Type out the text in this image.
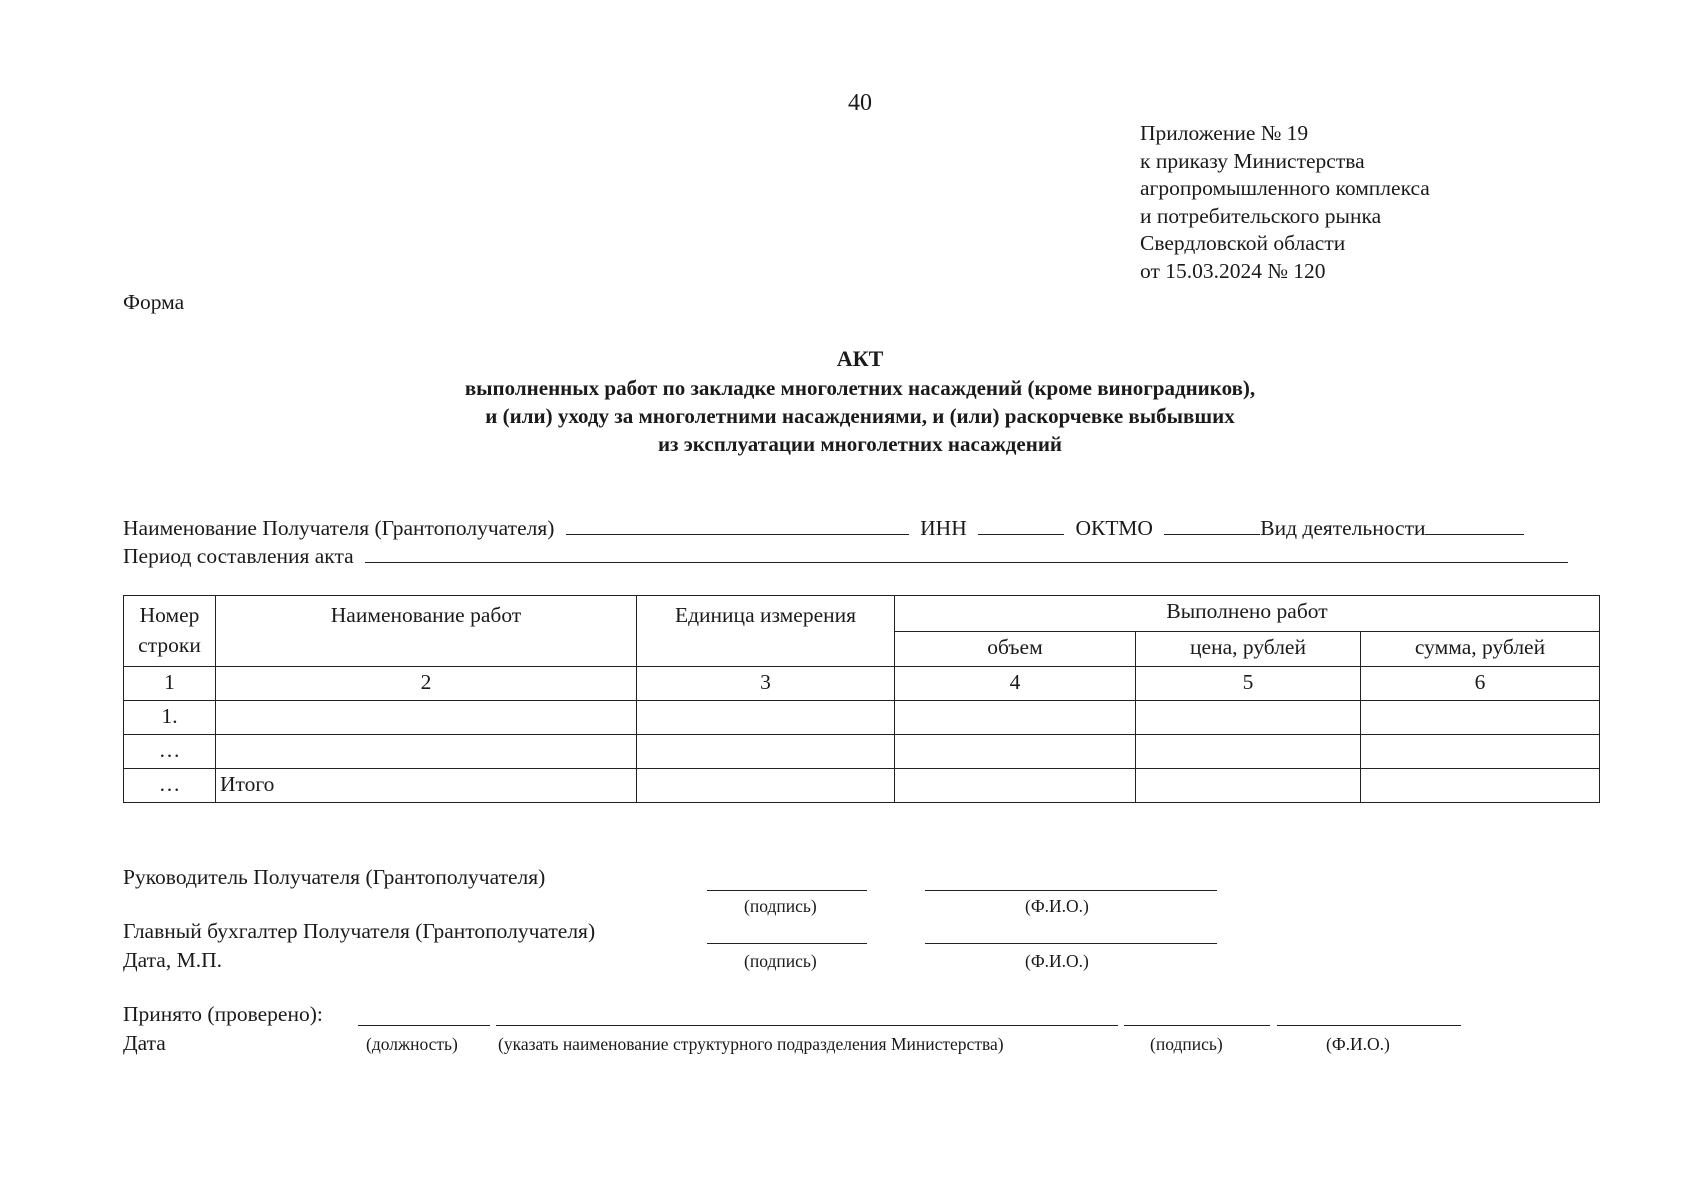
40
Приложение № 19
к приказу Министерства
агропромышленного комплекса
и потребительского рынка
Свердловской области
от 15.03.2024 № 120
Форма
АКТ
выполненных работ по закладке многолетних насаждений (кроме виноградников),
и (или) уходу за многолетними насаждениями, и (или) раскорчевке выбывших
из эксплуатации многолетних насаждений
Наименование Получателя (Грантополучателя)	ИНН	ОКТМО	Вид деятельности
Период составления акта
Номер
строки	Наименование работ	Единица измерения	Выполнено работ		
			объем	цена, рублей	сумма, рублей
1	2	3	4	5	6
1.					
…					
…	Итого				
Руководитель Получателя (Грантополучателя)
(подпись)	(Ф.И.О.)
Главный бухгалтер Получателя (Грантополучателя)
Дата, М.П.	(подпись)	(Ф.И.О.)
Принято (проверено):
Дата	(должность) (указать наименование структурного подразделения Министерства)	(подпись)	(Ф.И.О.)
